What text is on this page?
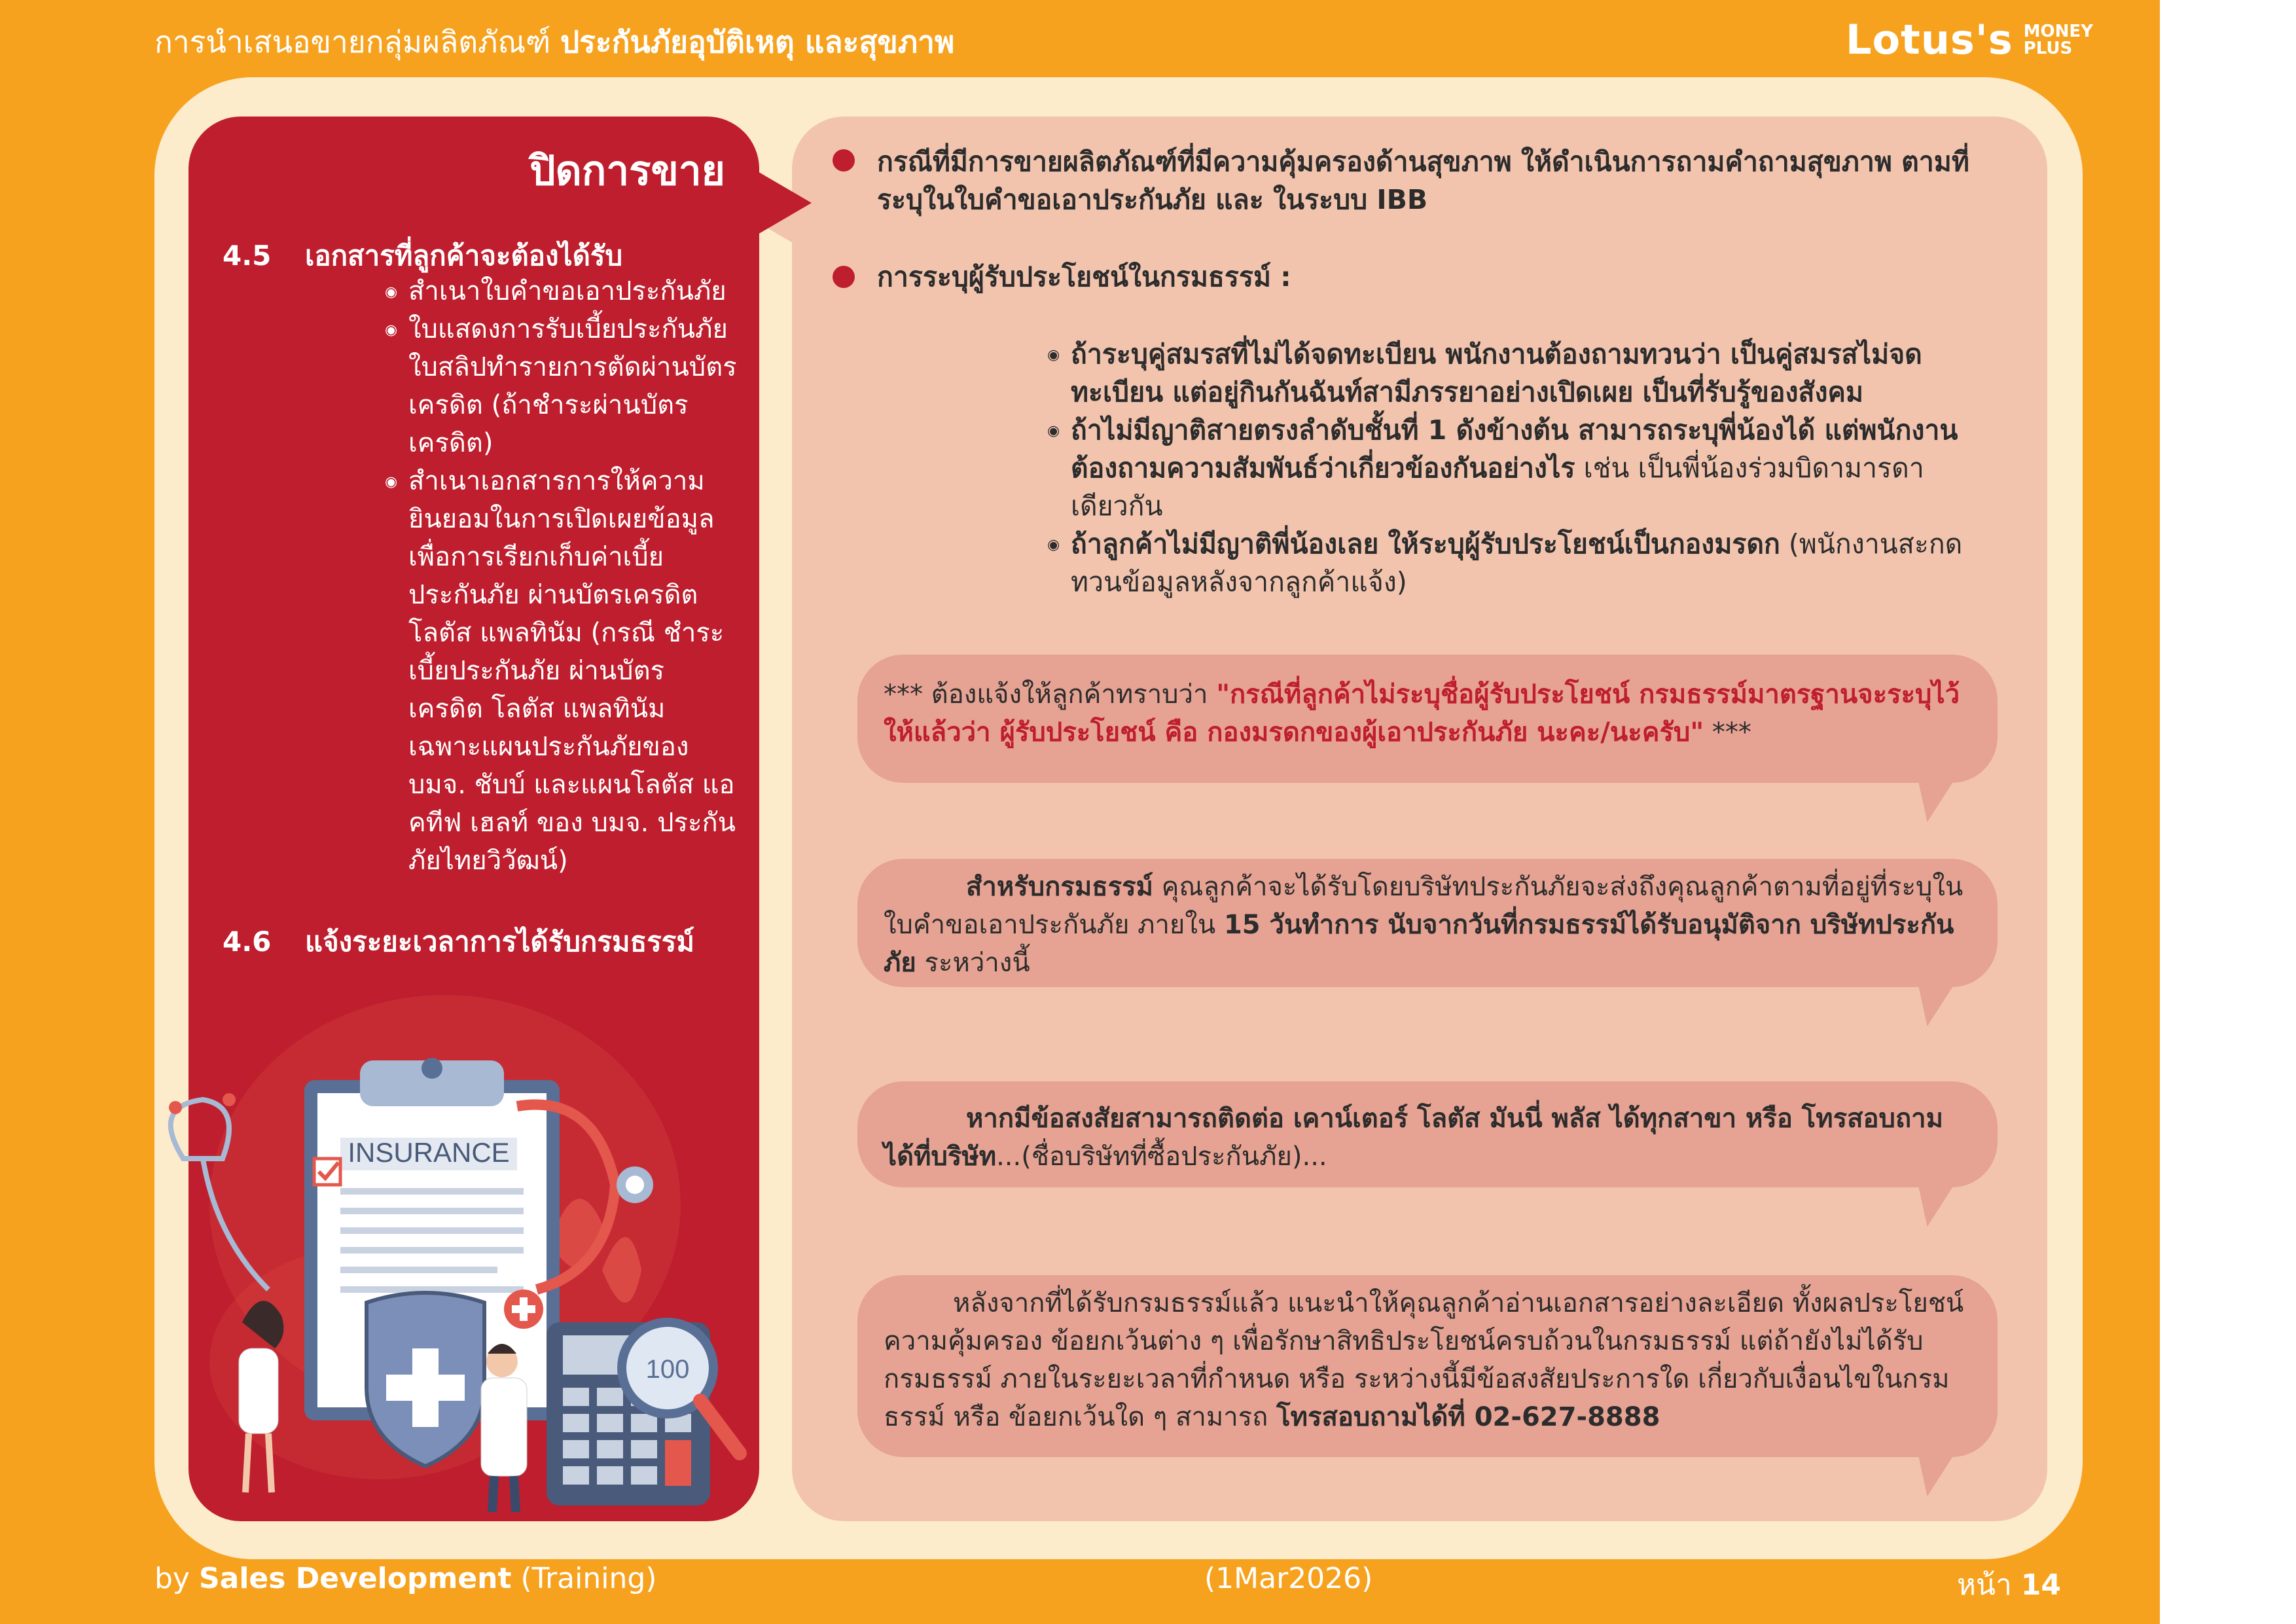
การนำเสนอขายกลุ่มผลิตภัณฑ์ ประกันภัยอุบัติเหตุ และสุขภาพ	Lotus's MONEY
PLUS
ปิดการขาย
4.5 เอกสารที่ลูกค้าจะต้องได้รับ
◉ สำเนาใบคำขอเอาประกันภัย
◉ ใบแสดงการรับเบี้ยประกันภัย ใบสลิปทำรายการตัดผ่านบัตรเครดิต (ถ้าชำระผ่านบัตรเครดิต)
◉ สำเนาเอกสารการให้ความยินยอมในการเปิดเผยข้อมูลเพื่อการเรียกเก็บค่าเบี้ยประกันภัย ผ่านบัตรเครดิตโลตัส แพลทินัม (กรณี ชำระเบี้ยประกันภัย ผ่านบัตรเครดิต โลตัส แพลทินัม เฉพาะแผนประกันภัยของ บมจ. ชับบ์ และแผนโลตัส แอคทีฟ เฮลท์ ของ บมจ. ประกันภัยไทยวิวัฒน์)
4.6 แจ้งระยะเวลาการได้รับกรมธรรม์
INSURANCE
100
กรณีที่มีการขายผลิตภัณฑ์ที่มีความคุ้มครองด้านสุขภาพ ให้ดำเนินการถามคำถามสุขภาพ ตามที่ระบุในใบคำขอเอาประกันภัย และ ในระบบ IBB
การระบุผู้รับประโยชน์ในกรมธรรม์ :
◉ ถ้าระบุคู่สมรสที่ไม่ได้จดทะเบียน พนักงานต้องถามทวนว่า เป็นคู่สมรสไม่จดทะเบียน แต่อยู่กินกันฉันท์สามีภรรยาอย่างเปิดเผย เป็นที่รับรู้ของสังคม
◉ ถ้าไม่มีญาติสายตรงลำดับชั้นที่ 1 ดังข้างต้น สามารถระบุพี่น้องได้ แต่พนักงานต้องถามความสัมพันธ์ว่าเกี่ยวข้องกันอย่างไร เช่น เป็นพี่น้องร่วมบิดามารดาเดียวกัน
◉ ถ้าลูกค้าไม่มีญาติพี่น้องเลย ให้ระบุผู้รับประโยชน์เป็นกองมรดก (พนักงานสะกดทวนข้อมูลหลังจากลูกค้าแจ้ง)
*** ต้องแจ้งให้ลูกค้าทราบว่า "กรณีที่ลูกค้าไม่ระบุชื่อผู้รับประโยชน์ กรมธรรม์มาตรฐานจะระบุไว้ให้แล้วว่า ผู้รับประโยชน์ คือ กองมรดกของผู้เอาประกันภัย นะคะ/นะครับ" ***
สำหรับกรมธรรม์ คุณลูกค้าจะได้รับโดยบริษัทประกันภัยจะส่งถึงคุณลูกค้าตามที่อยู่ที่ระบุในใบคำขอเอาประกันภัย ภายใน 15 วันทำการ นับจากวันที่กรมธรรม์ได้รับอนุมัติจาก บริษัทประกันภัย ระหว่างนี้
หากมีข้อสงสัยสามารถติดต่อ เคาน์เตอร์ โลตัส มันนี่ พลัส ได้ทุกสาขา หรือ โทรสอบถามได้ที่บริษัท...(ชื่อบริษัทที่ซื้อประกันภัย)...
หลังจากที่ได้รับกรมธรรม์แล้ว แนะนำให้คุณลูกค้าอ่านเอกสารอย่างละเอียด ทั้งผลประโยชน์ความคุ้มครอง ข้อยกเว้นต่าง ๆ เพื่อรักษาสิทธิประโยชน์ครบถ้วนในกรมธรรม์ แต่ถ้ายังไม่ได้รับกรมธรรม์ ภายในระยะเวลาที่กำหนด หรือ ระหว่างนี้มีข้อสงสัยประการใด เกี่ยวกับเงื่อนไขในกรมธรรม์ หรือ ข้อยกเว้นใด ๆ สามารถ โทรสอบถามได้ที่ 02-627-8888
by Sales Development (Training)	(1Mar2026)	หน้า 14
